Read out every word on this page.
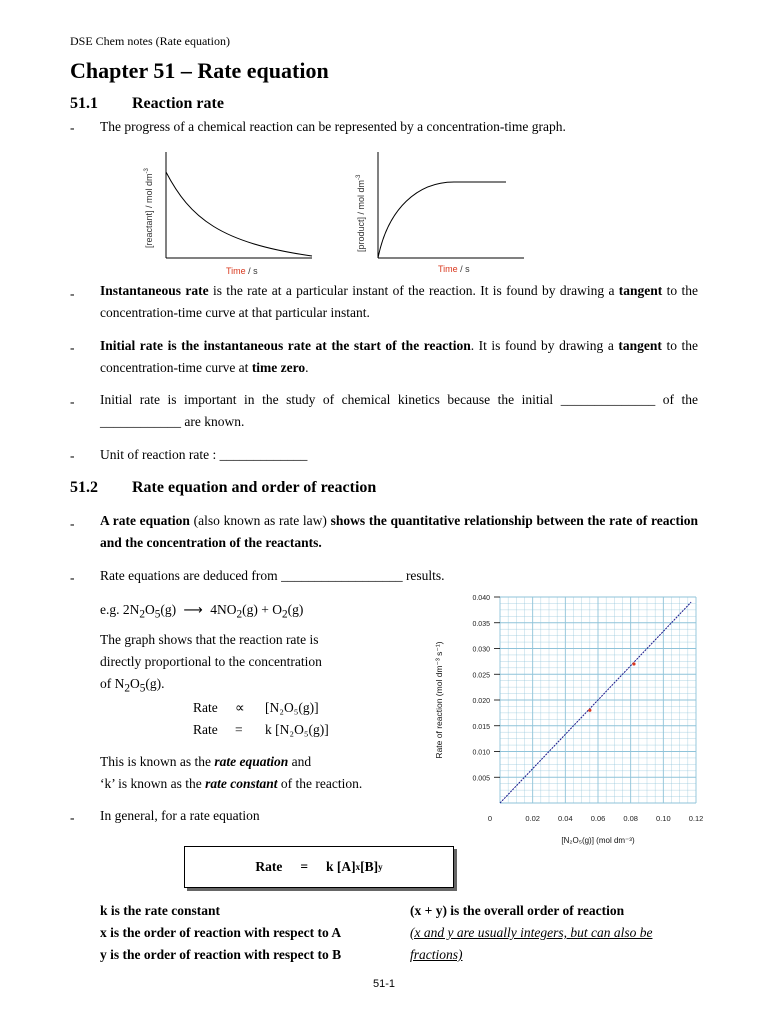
DSE Chem notes (Rate equation)
Chapter 51 – Rate equation
51.1 Reaction rate
- The progress of a chemical reaction can be represented by a concentration-time graph.
[reactant] / mol $dm^{-3}$
Time / s
[product] / mol $dm^{-3}$
Time / s
- Instantaneous rate is the rate at a particular instant of the reaction. It is found by drawing a tangent to the concentration-time curve at that particular instant.
- Initial rate is the instantaneous rate at the start of the reaction. It is found by drawing a tangent to the concentration-time curve at time zero.
- Initial rate is important in the study of chemical kinetics because the initial ______________ of the ____________ are known.
- Unit of reaction rate : _____________
51.2 Rate equation and order of reaction
- A rate equation (also known as rate law) shows the quantitative relationship between the rate of reaction and the concentration of the reactants.
- Rate equations are deduced from __________________ results.
e.g. $2N_2O_5(g)$ ⟶ $4NO_2(g) + O_2(g)$
The graph shows that the reaction rate is
directly proportional to the concentration
of $N_2O_5(g)$.
Rate ∝ [N₂O₅(g)]
Rate = k [N₂O₅(g)]
This is known as the rate equation and
‘k’ is known as the rate constant of the reaction.	0.005
0.010
0.015
0.020
0.025
0.030
0.035
0.040
0	0.02 0.04 0.06 0.08 0.10 0.12
[N₂O₅(g)] (mol dm⁻³)
Rate of reaction (mol dm⁻³ s⁻¹)
- In general, for a rate equation
Rate = k [A] x [B] y
k is the rate constant
x is the order of reaction with respect to A
y is the order of reaction with respect to B
(x + y) is the overall order of reaction
(x and y are usually integers, but can also be
fractions)
51-1
